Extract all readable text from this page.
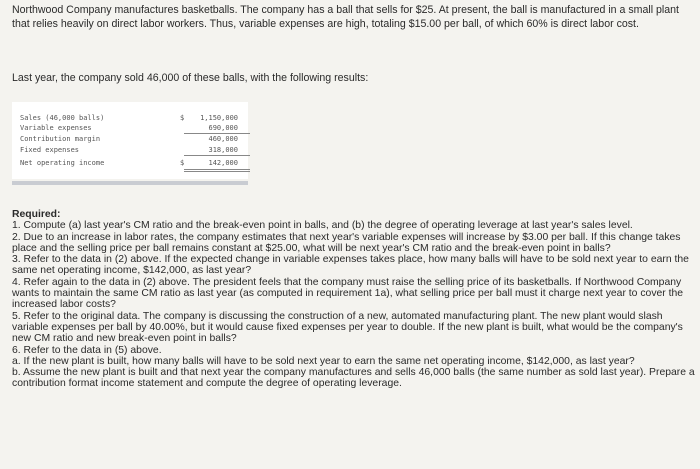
Northwood Company manufactures basketballs. The company has a ball that sells for $25. At present, the ball is manufactured in a small plant that relies heavily on direct labor workers. Thus, variable expenses are high, totaling $15.00 per ball, of which 60% is direct labor cost.

Last year, the company sold 46,000 of these balls, with the following results:
Sales (46,000 balls)	$ 1,150,000
Variable expenses	690,000
Contribution margin	460,000
Fixed expenses	318,000
Net operating income	$	142,000

Required:

1. Compute (a) last year's CM ratio and the break-even point in balls, and (b) the degree of operating leverage at last year's sales level.

2. Due to an increase in labor rates, the company estimates that next year's variable expenses will increase by $3.00 per ball. If this change takes place and the selling price per ball remains constant at $25.00, what will be next year's CM ratio and the break-even point in balls?

3. Refer to the data in (2) above. If the expected change in variable expenses takes place, how many balls will have to be sold next year to earn the same net operating income, $142,000, as last year?

4. Refer again to the data in (2) above. The president feels that the company must raise the selling price of its basketballs. If Northwood Company wants to maintain the same CM ratio as last year (as computed in requirement 1a), what selling price per ball must it charge next year to cover the increased labor costs?

5. Refer to the original data. The company is discussing the construction of a new, automated manufacturing plant. The new plant would slash variable expenses per ball by 40.00%, but it would cause fixed expenses per year to double. If the new plant is built, what would be the company's new CM ratio and new break-even point in balls?

6. Refer to the data in (5) above.

a. If the new plant is built, how many balls will have to be sold next year to earn the same net operating income, $142,000, as last year?

b. Assume the new plant is built and that next year the company manufactures and sells 46,000 balls (the same number as sold last year). Prepare a contribution format income statement and compute the degree of operating leverage.
